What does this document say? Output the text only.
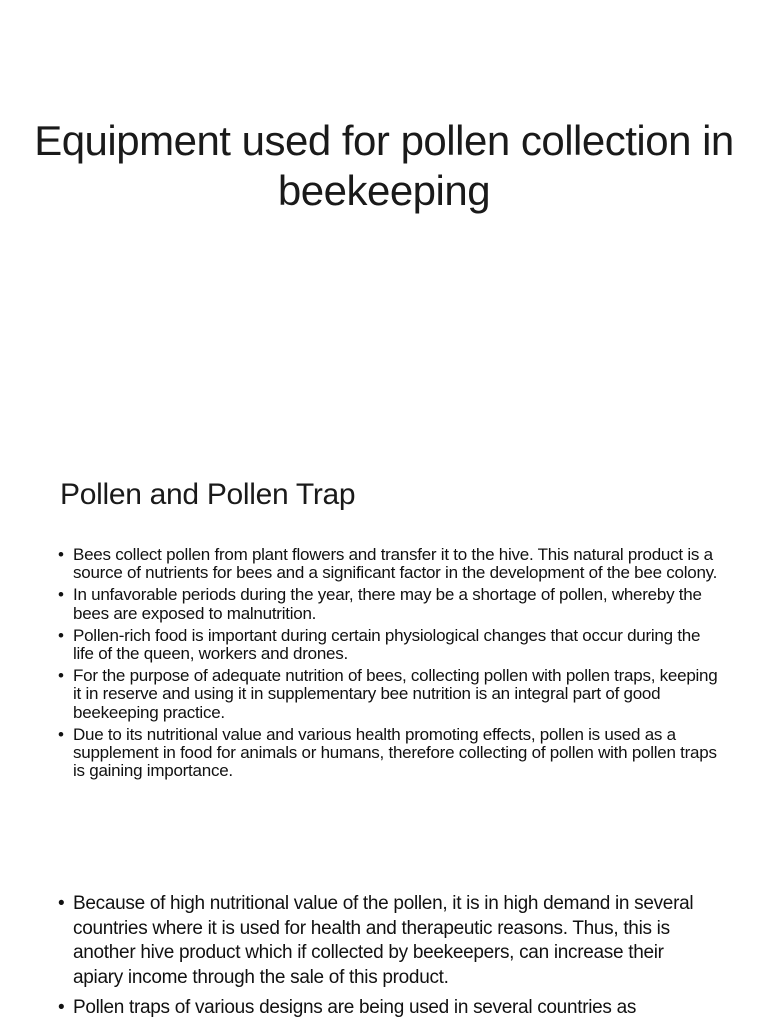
Equipment used for pollen collection in beekeeping
Pollen and Pollen Trap
• Bees collect pollen from plant flowers and transfer it to the hive. This natural product is a source of nutrients for bees and a significant factor in the development of the bee colony.
• In unfavorable periods during the year, there may be a shortage of pollen, whereby the bees are exposed to malnutrition.
• Pollen-rich food is important during certain physiological changes that occur during the life of the queen, workers and drones.
• For the purpose of adequate nutrition of bees, collecting pollen with pollen traps, keeping it in reserve and using it in supplementary bee nutrition is an integral part of good beekeeping practice.
• Due to its nutritional value and various health promoting effects, pollen is used as a supplement in food for animals or humans, therefore collecting of pollen with pollen traps is gaining importance.
• Because of high nutritional value of the pollen, it is in high demand in several countries where it is used for health and therapeutic reasons. Thus, this is another hive product which if collected by beekeepers, can increase their apiary income through the sale of this product.
• Pollen traps of various designs are being used in several countries as
